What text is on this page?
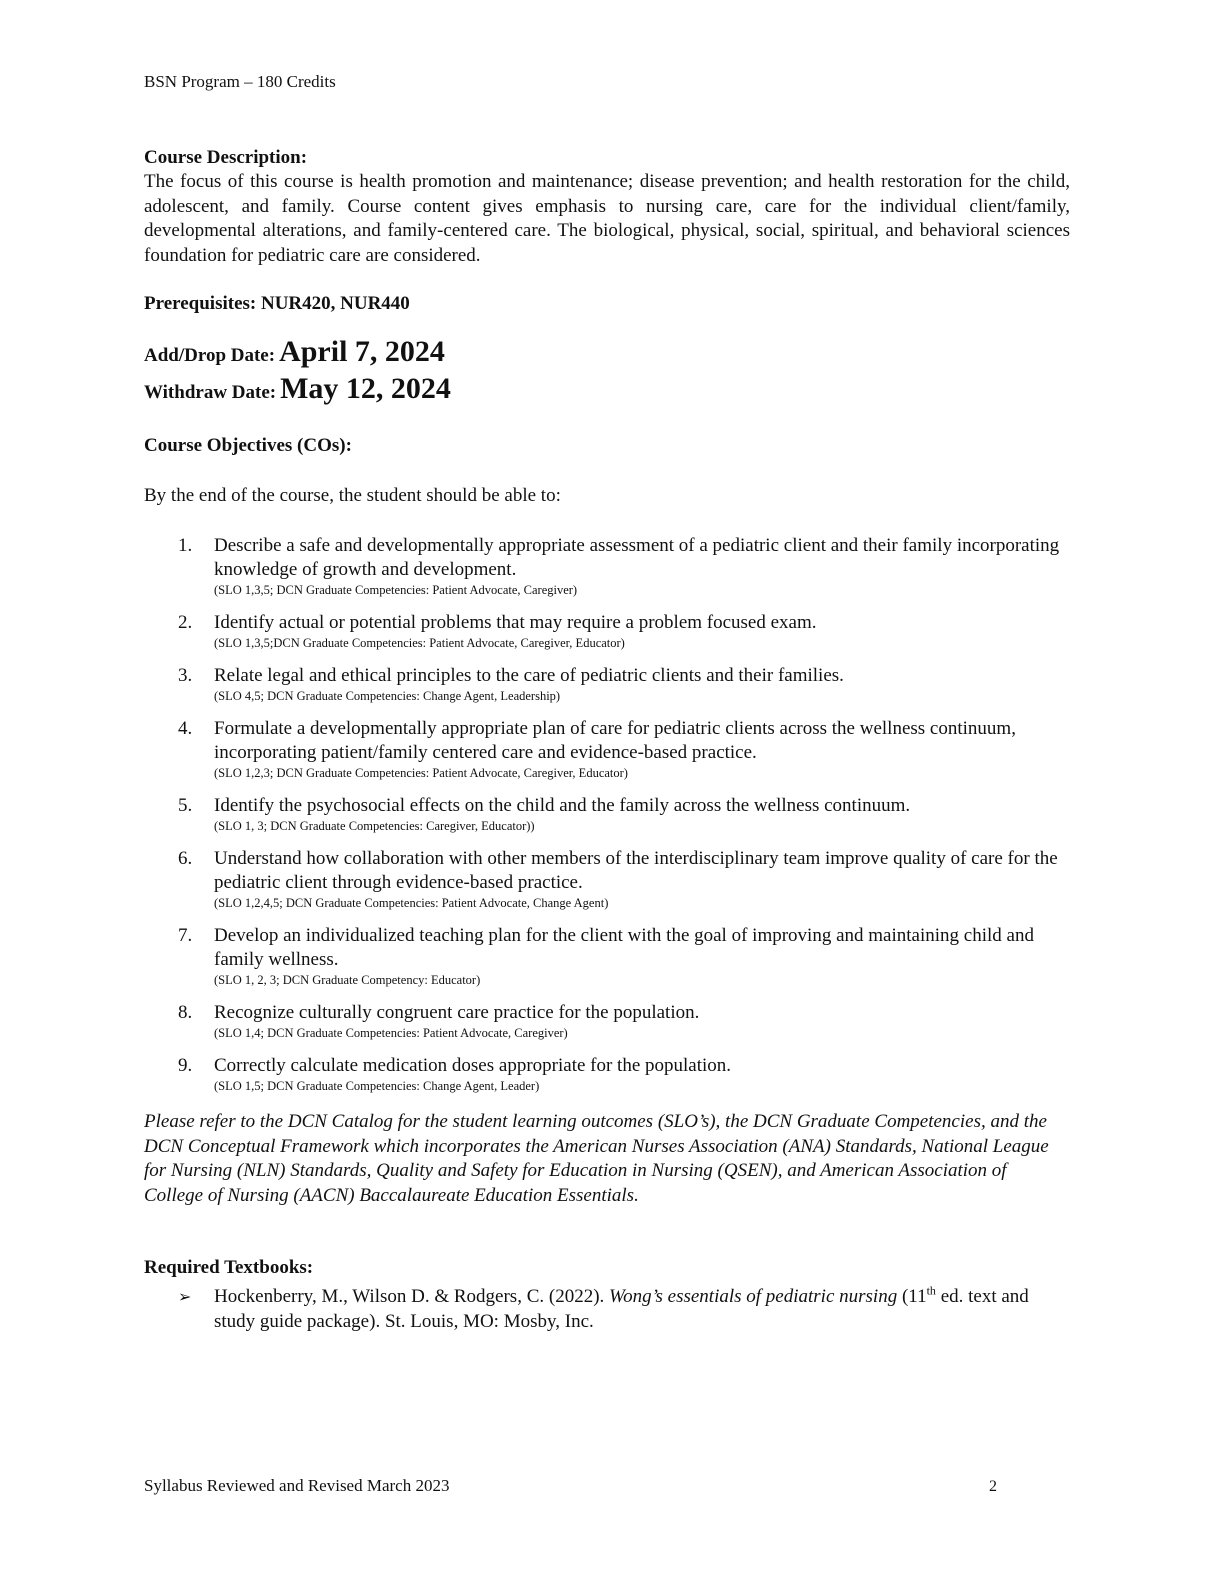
BSN Program – 180 Credits
Course Description:

The focus of this course is health promotion and maintenance; disease prevention; and health restoration for the child, adolescent, and family. Course content gives emphasis to nursing care, care for the individual client/family, developmental alterations, and family-centered care. The biological, physical, social, spiritual, and behavioral sciences foundation for pediatric care are considered.

Prerequisites: NUR420, NUR440
Add/Drop Date: April 7, 2024
Withdraw Date: May 12, 2024
Course Objectives (COs):
By the end of the course, the student should be able to:
1. Describe a safe and developmentally appropriate assessment of a pediatric client and their family incorporating knowledge of growth and development.
(SLO 1,3,5; DCN Graduate Competencies: Patient Advocate, Caregiver)
2. Identify actual or potential problems that may require a problem focused exam.
(SLO 1,3,5;DCN Graduate Competencies: Patient Advocate, Caregiver, Educator)
3. Relate legal and ethical principles to the care of pediatric clients and their families.
(SLO 4,5; DCN Graduate Competencies: Change Agent, Leadership)
4. Formulate a developmentally appropriate plan of care for pediatric clients across the wellness continuum, incorporating patient/family centered care and evidence-based practice.
(SLO 1,2,3; DCN Graduate Competencies: Patient Advocate, Caregiver, Educator)
5. Identify the psychosocial effects on the child and the family across the wellness continuum.
(SLO 1, 3; DCN Graduate Competencies: Caregiver, Educator))
6. Understand how collaboration with other members of the interdisciplinary team improve quality of care for the pediatric client through evidence-based practice.
(SLO 1,2,4,5; DCN Graduate Competencies: Patient Advocate, Change Agent)
7. Develop an individualized teaching plan for the client with the goal of improving and maintaining child and family wellness.
(SLO 1, 2, 3; DCN Graduate Competency: Educator)
8. Recognize culturally congruent care practice for the population.
(SLO 1,4; DCN Graduate Competencies: Patient Advocate, Caregiver)
9. Correctly calculate medication doses appropriate for the population.
(SLO 1,5; DCN Graduate Competencies: Change Agent, Leader)
Please refer to the DCN Catalog for the student learning outcomes (SLO’s), the DCN Graduate Competencies, and the DCN Conceptual Framework which incorporates the American Nurses Association (ANA) Standards, National League for Nursing (NLN) Standards, Quality and Safety for Education in Nursing (QSEN), and American Association of College of Nursing (AACN) Baccalaureate Education Essentials.
Required Textbooks:
➢ Hockenberry, M., Wilson D. & Rodgers, C. (2022). Wong’s essentials of pediatric nursing (11th ed. text and study guide package). St. Louis, MO: Mosby, Inc.
Syllabus Reviewed and Revised March 2023	2
